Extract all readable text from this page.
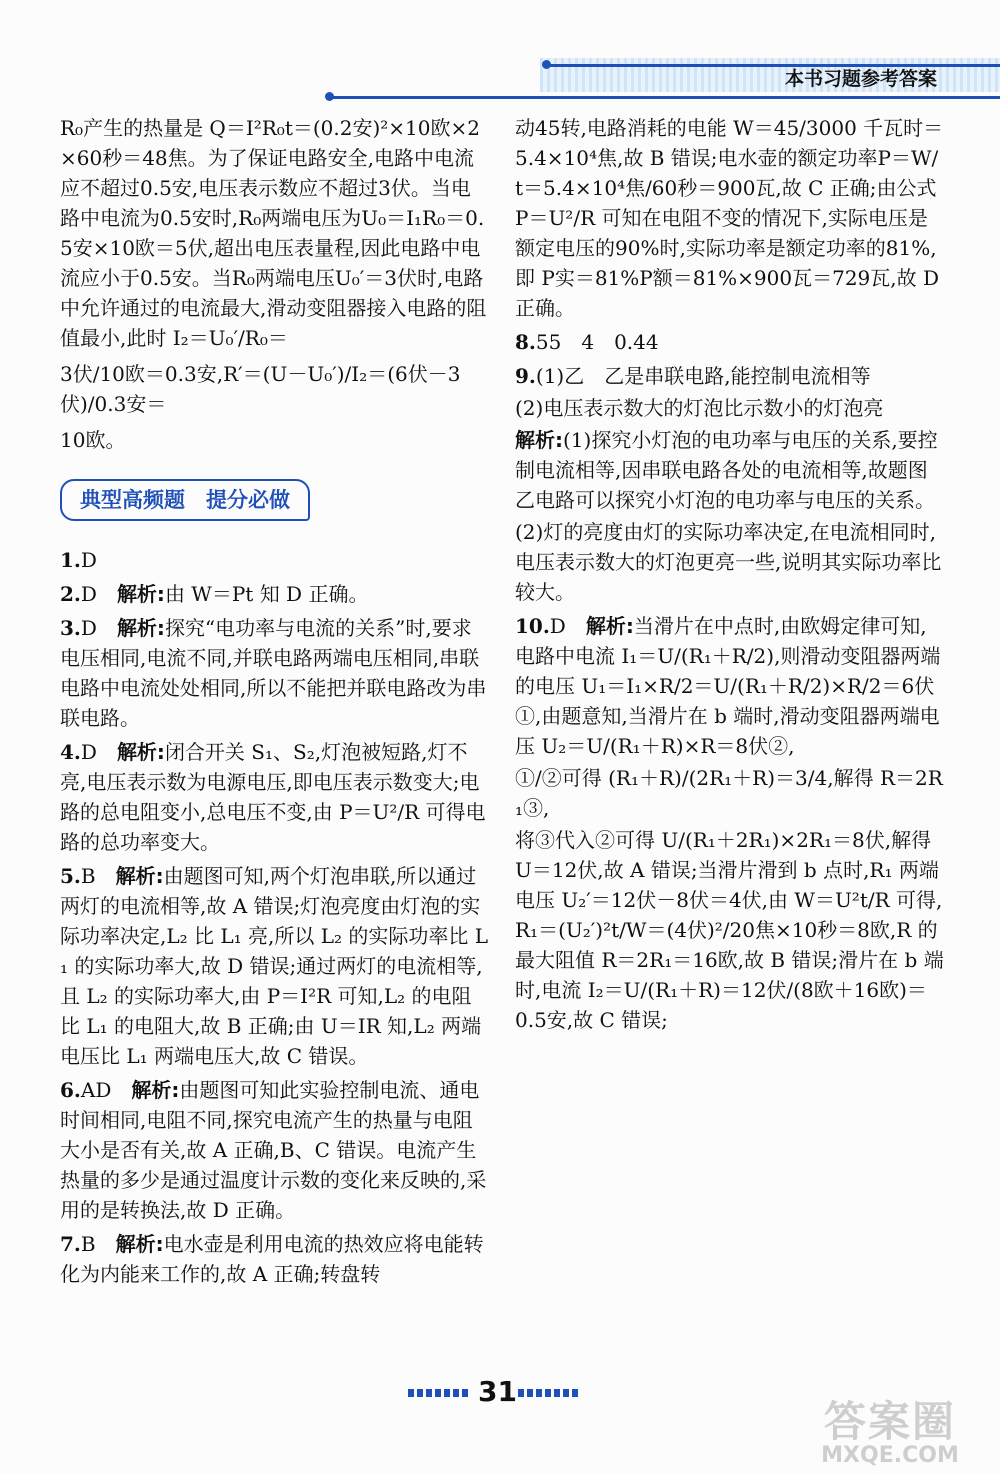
本书习题参考答案

R₀产生的热量是 Q＝I²R₀t＝(0.2安)²×10欧×2×60秒＝48焦。为了保证电路安全,电路中电流应不超过0.5安,电压表示数应不超过3伏。当电路中电流为0.5安时,R₀两端电压为U₀＝I₁R₀＝0.5安×10欧＝5伏,超出电压表量程,因此电路中电流应小于0.5安。当R₀两端电压U₀′＝3伏时,电路中允许通过的电流最大,滑动变阻器接入电路的阻值最小,此时 I₂＝U₀′/R₀＝

3伏/10欧＝0.3安,R′＝(U－U₀′)/I₂＝(6伏－3伏)/0.3安＝

10欧。

典型高频题　提分必做

1.D

2.D　 解析:由 W＝Pt 知 D 正确。

3.D　 解析:探究“电功率与电流的关系”时,要求电压相同,电流不同,并联电路两端电压相同,串联电路中电流处处相同,所以不能把并联电路改为串联电路。

4.D　 解析:闭合开关 S₁、S₂,灯泡被短路,灯不亮,电压表示数为电源电压,即电压表示数变大;电路的总电阻变小,总电压不变,由 P＝U²/R 可得电路的总功率变大。

5.B　 解析:由题图可知,两个灯泡串联,所以通过两灯的电流相等,故 A 错误;灯泡亮度由灯泡的实际功率决定,L₂ 比 L₁ 亮,所以 L₂ 的实际功率比 L₁ 的实际功率大,故 D 错误;通过两灯的电流相等,且 L₂ 的实际功率大,由 P＝I²R 可知,L₂ 的电阻比 L₁ 的电阻大,故 B 正确;由 U＝IR 知,L₂ 两端电压比 L₁ 两端电压大,故 C 错误。

6.AD　 解析:由题图可知此实验控制电流、通电时间相同,电阻不同,探究电流产生的热量与电阻大小是否有关,故 A 正确,B、C 错误。电流产生热量的多少是通过温度计示数的变化来反映的,采用的是转换法,故 D 正确。

7.B　 解析:电水壶是利用电流的热效应将电能转化为内能来工作的,故 A 正确;转盘转

动45转,电路消耗的电能 W＝45/3000 千瓦时＝5.4×10⁴焦,故 B 错误;电水壶的额定功率P＝W/t＝5.4×10⁴焦/60秒＝900瓦,故 C 正确;由公式 P＝U²/R 可知在电阻不变的情况下,实际电压是额定电压的90%时,实际功率是额定功率的81%,即 P实＝81%P额＝81%×900瓦＝729瓦,故 D 正确。

8.55　4　0.44

9.(1)乙　乙是串联电路,能控制电流相等

(2)电压表示数大的灯泡比示数小的灯泡亮

解析:(1)探究小灯泡的电功率与电压的关系,要控制电流相等,因串联电路各处的电流相等,故题图乙电路可以探究小灯泡的电功率与电压的关系。

(2)灯的亮度由灯的实际功率决定,在电流相同时,电压表示数大的灯泡更亮一些,说明其实际功率比较大。

10.D　 解析:当滑片在中点时,由欧姆定律可知,电路中电流 I₁＝U/(R₁＋R/2),则滑动变阻器两端的电压 U₁＝I₁×R/2＝U/(R₁＋R/2)×R/2＝6伏①,由题意知,当滑片在 b 端时,滑动变阻器两端电压 U₂＝U/(R₁＋R)×R＝8伏②,

①/②可得 (R₁＋R)/(2R₁＋R)＝3/4,解得 R＝2R₁③,

将③代入②可得 U/(R₁＋2R₁)×2R₁＝8伏,解得U＝12伏,故 A 错误;当滑片滑到 b 点时,R₁ 两端电压 U₂′＝12伏－8伏＝4伏,由 W＝U²t/R 可得,R₁＝(U₂′)²t/W＝(4伏)²/20焦×10秒＝8欧,R 的最大阻值 R＝2R₁＝16欧,故 B 错误;滑片在 b 端时,电流 I₂＝U/(R₁＋R)＝12伏/(8欧＋16欧)＝0.5安,故 C 错误;

31
答案圈
MXQE.COM
